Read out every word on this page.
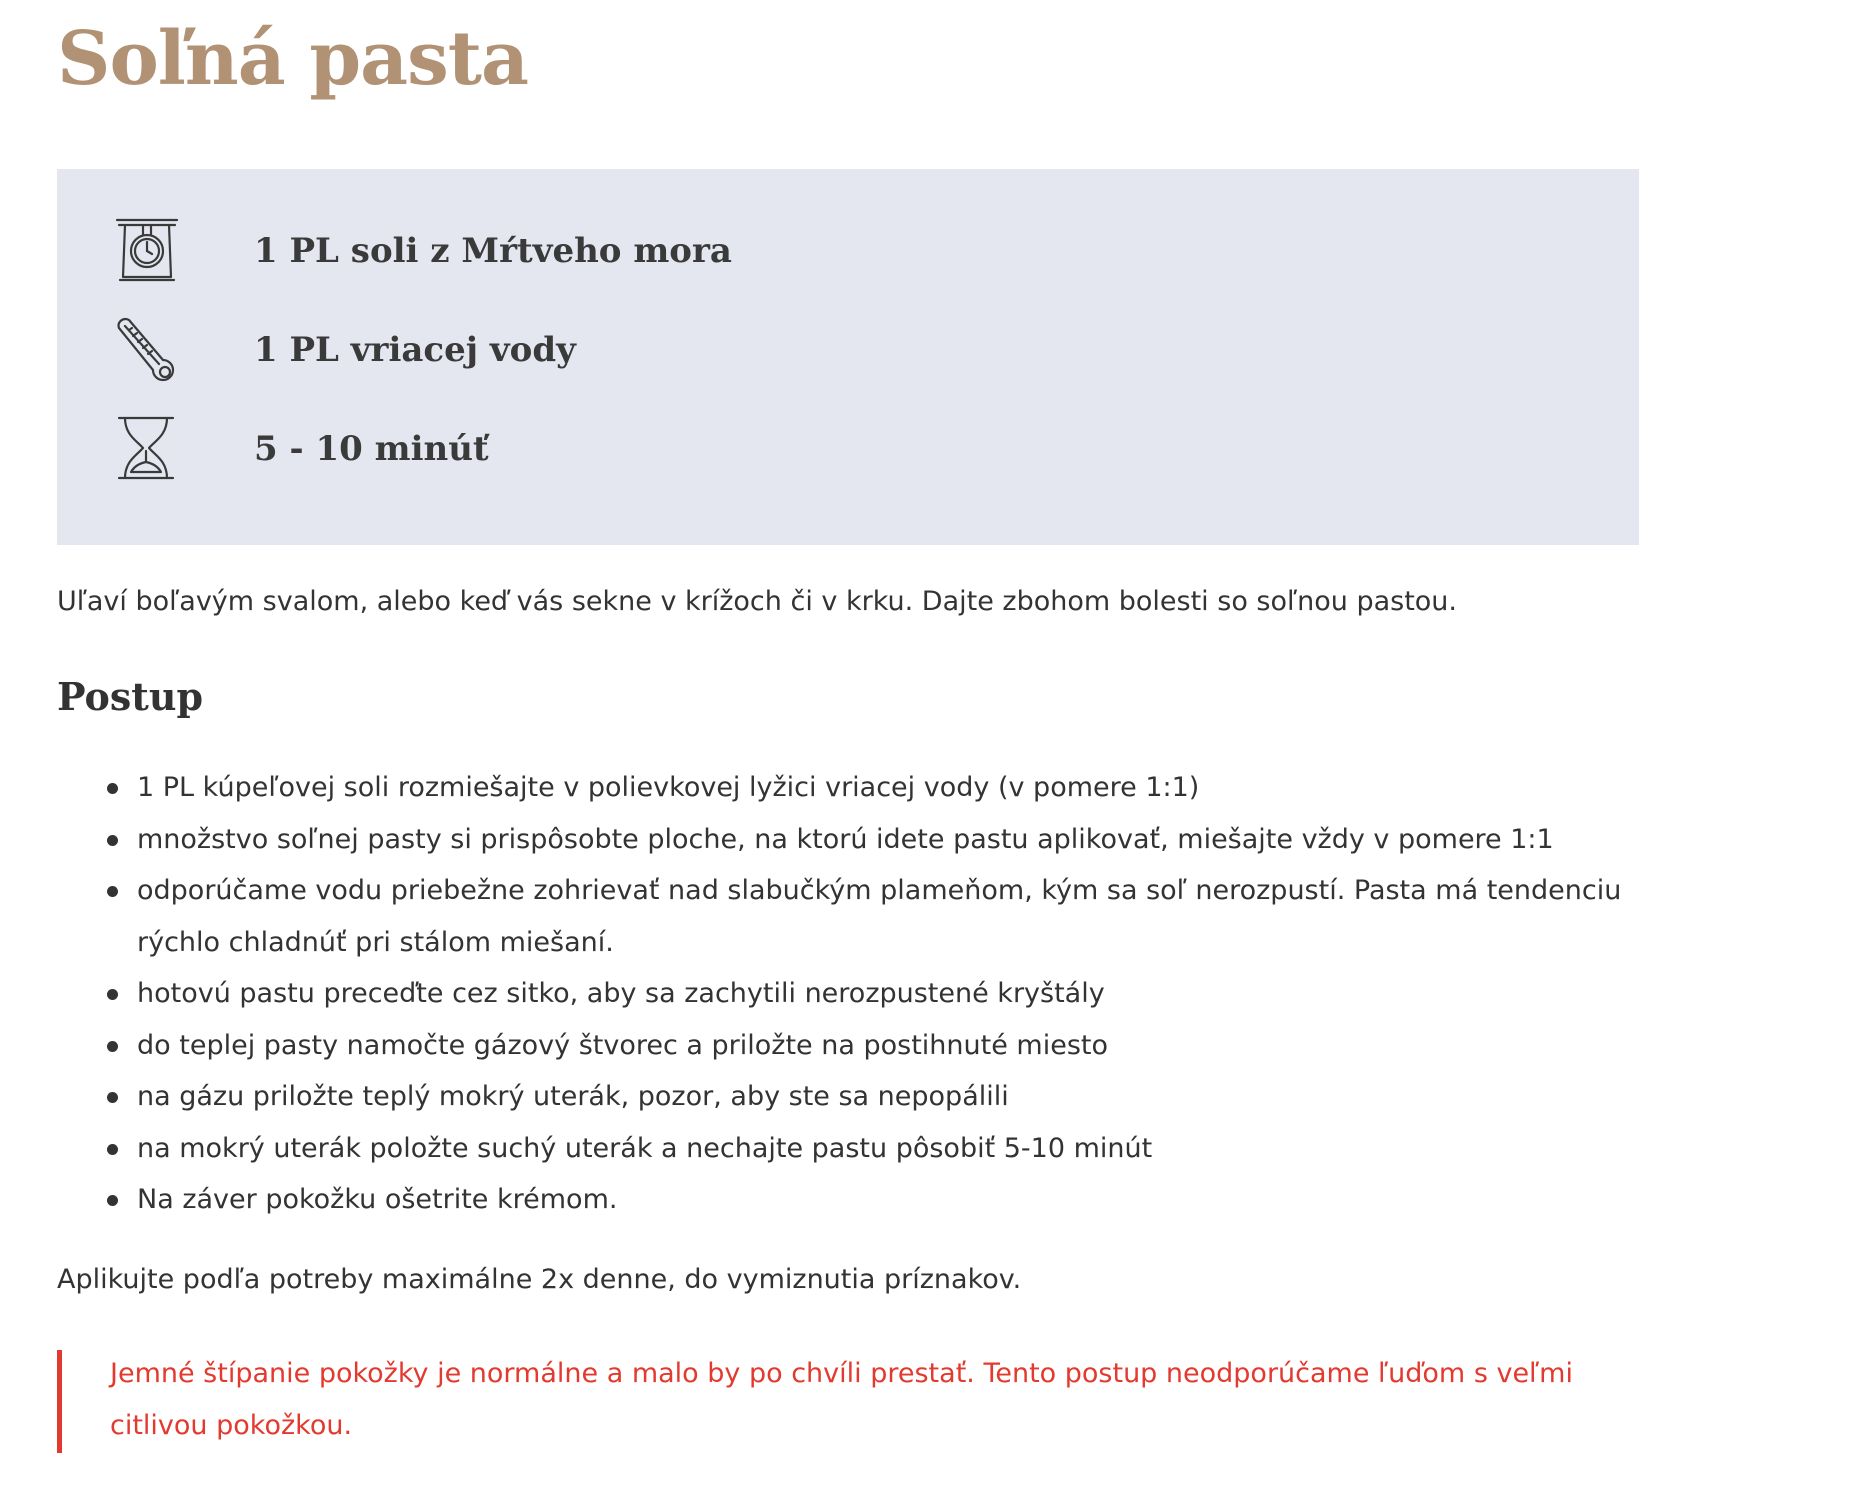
Soľná pasta
1 PL soli z Mŕtveho mora
1 PL vriacej vody
5 - 10 minúť

Uľaví boľavým svalom, alebo keď vás sekne v krížoch či v krku. Dajte zbohom bolesti so soľnou pastou.

Postup
1 PL kúpeľovej soli rozmiešajte v polievkovej lyžici vriacej vody (v pomere 1:1)
množstvo soľnej pasty si prispôsobte ploche, na ktorú idete pastu aplikovať, miešajte vždy v pomere 1:1
odporúčame vodu priebežne zohrievať nad slabučkým plameňom, kým sa soľ nerozpustí. Pasta má tendenciu rýchlo chladnúť pri stálom miešaní.
hotovú pastu preceďte cez sitko, aby sa zachytili nerozpustené kryštály
do teplej pasty namočte gázový štvorec a priložte na postihnuté miesto
na gázu priložte teplý mokrý uterák, pozor, aby ste sa nepopálili
na mokrý uterák položte suchý uterák a nechajte pastu pôsobiť 5-10 minút
Na záver pokožku ošetrite krémom.

Aplikujte podľa potreby maximálne 2x denne, do vymiznutia príznakov.

Jemné štípanie pokožky je normálne a malo by po chvíli prestať. Tento postup neodporúčame ľuďom s veľmi citlivou pokožkou.
